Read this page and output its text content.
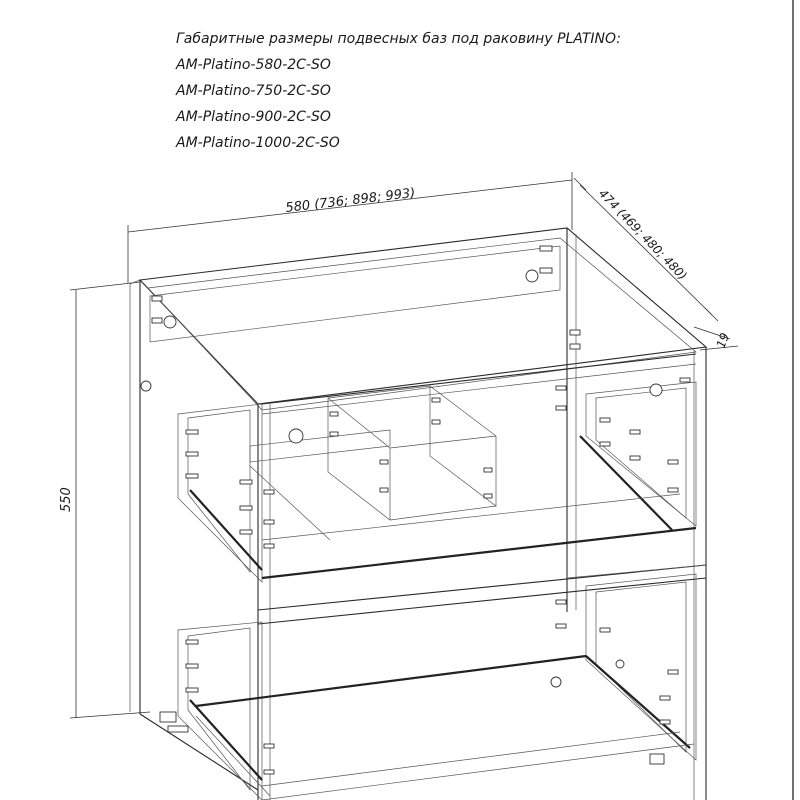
Габаритные размеры подвесных баз под раковину PLATINO:
AM-Platino-580-2C-SO
AM-Platino-750-2C-SO
AM-Platino-900-2C-SO
AM-Platino-1000-2C-SO
580 (736; 898; 993)	474 (469; 480; 480)
19
550
